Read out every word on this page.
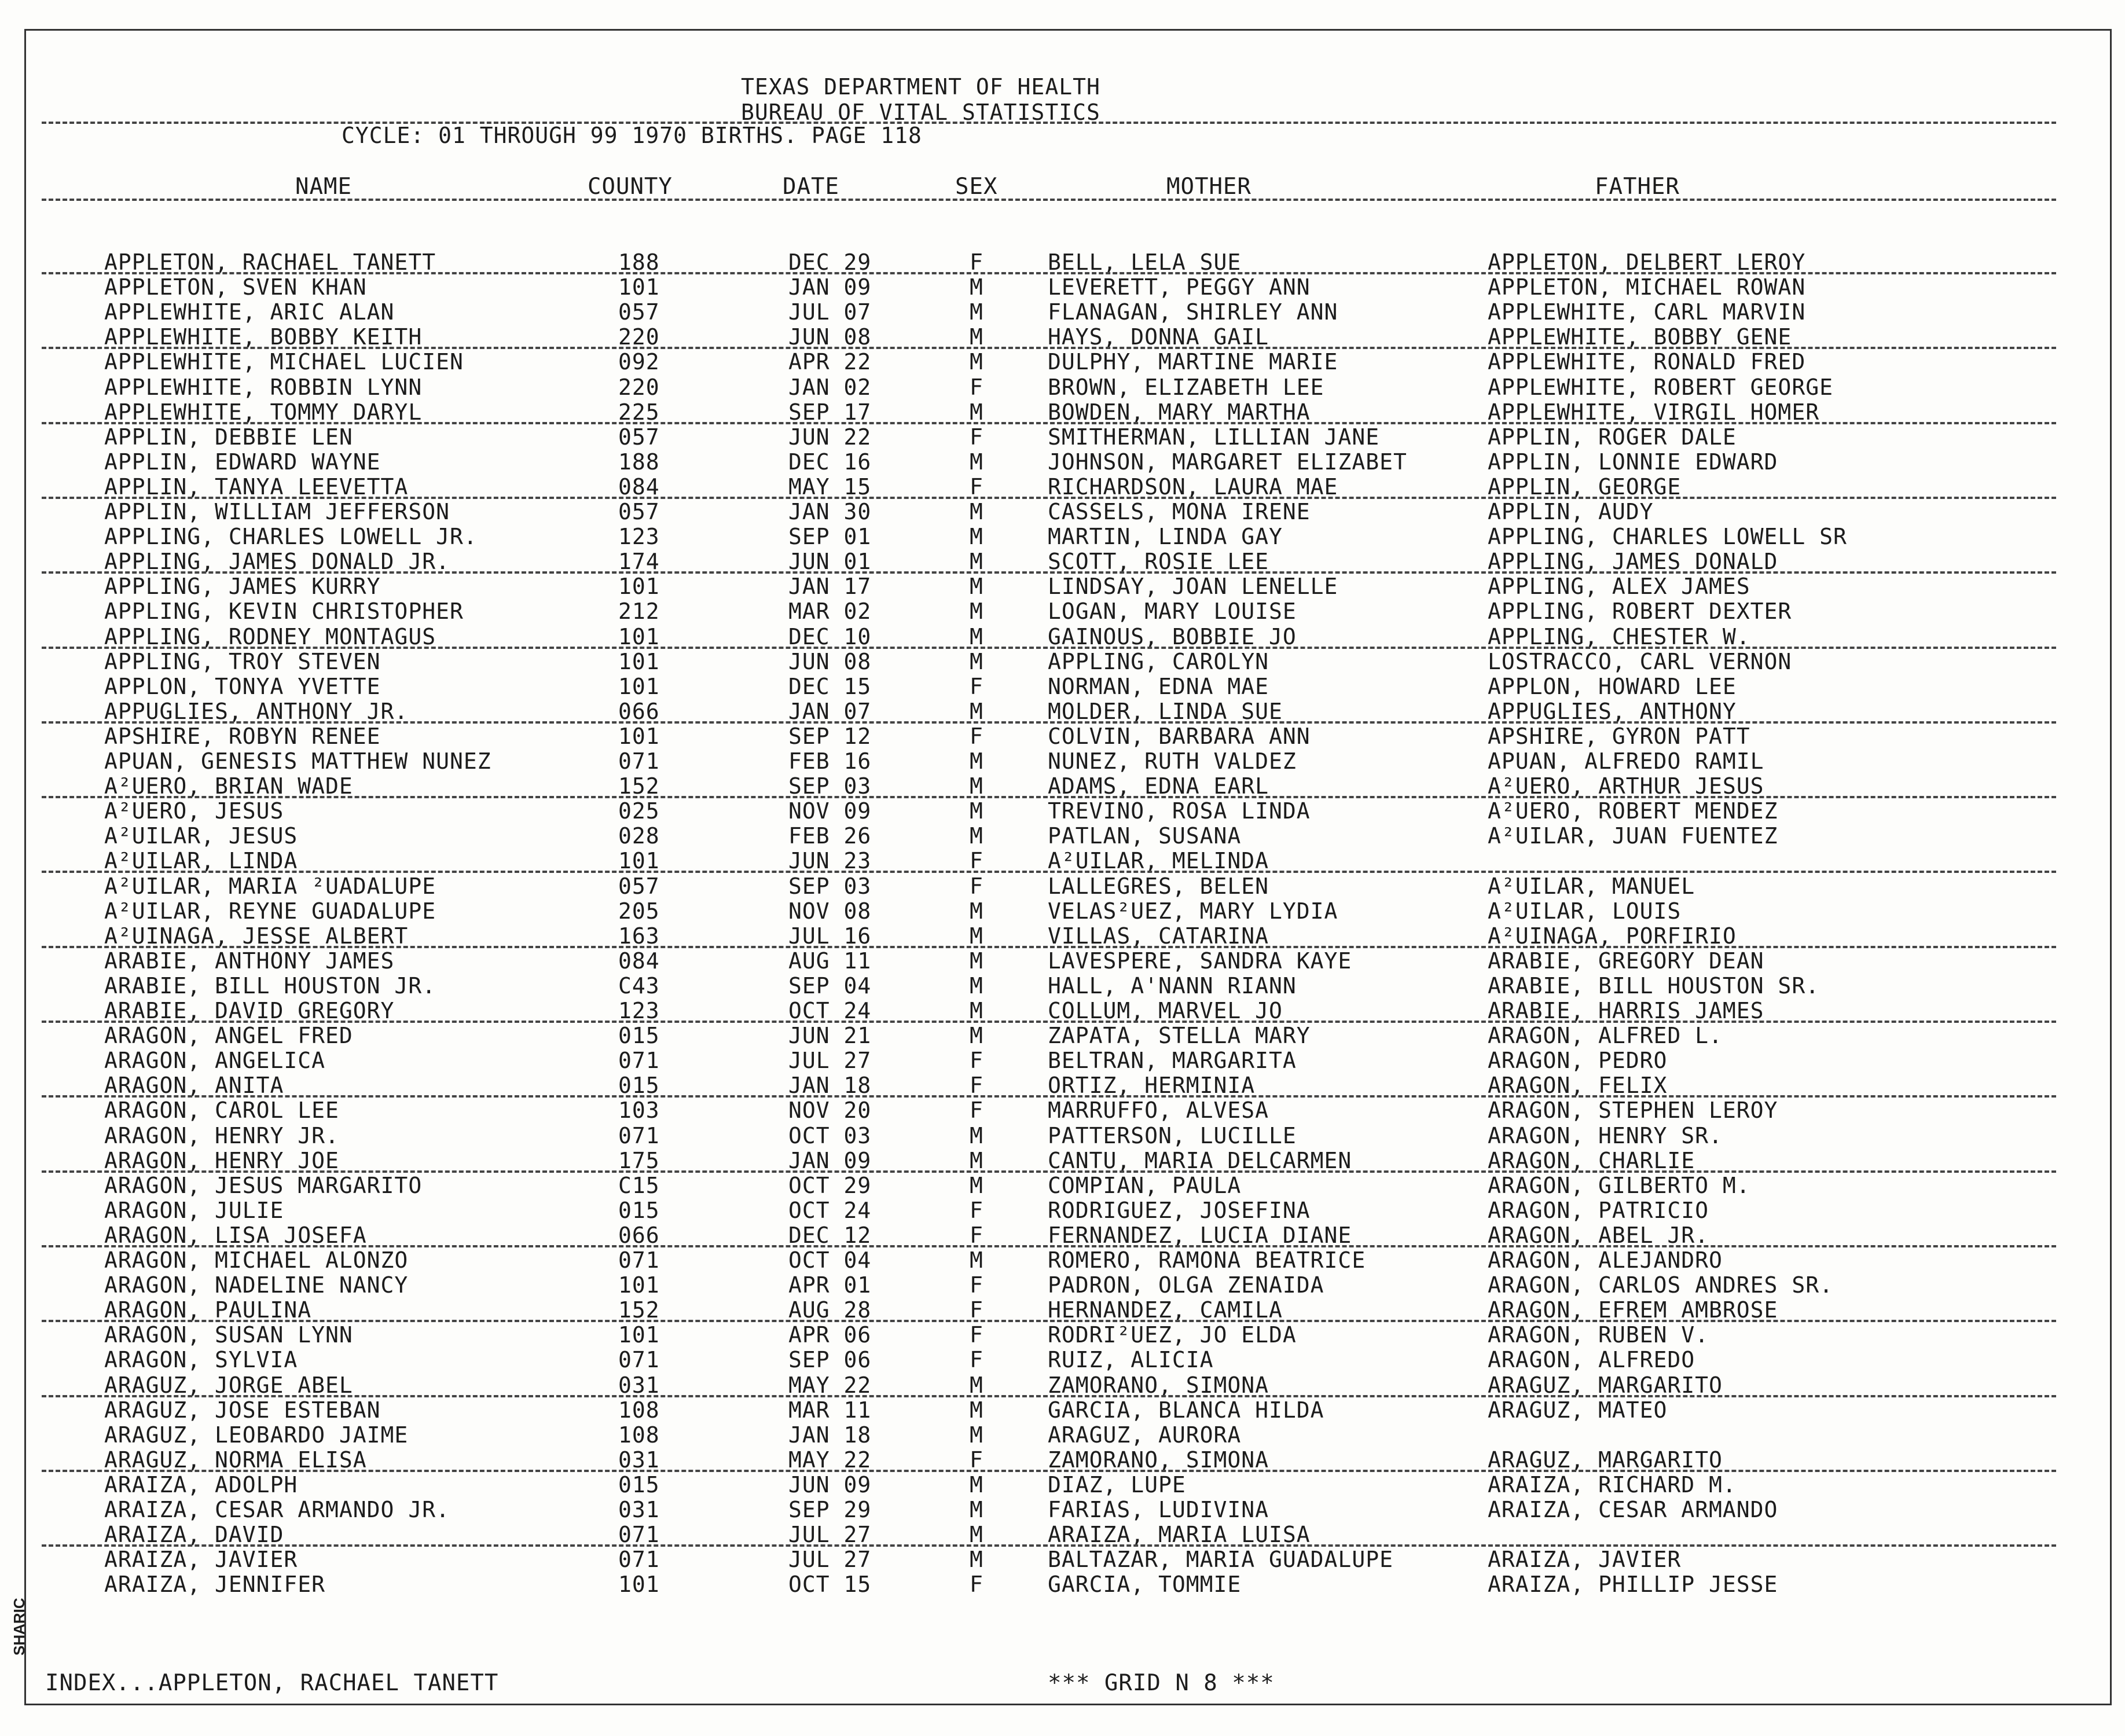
TEXAS DEPARTMENT OF HEALTH
BUREAU OF VITAL STATISTICS
CYCLE: 01 THROUGH 99 1970 BIRTHS. PAGE 118
NAME	COUNTY	DATE	SEX	MOTHER	FATHER
APPLETON, RACHAEL TANETT	188	DEC 29	F	BELL, LELA SUE	APPLETON, DELBERT LEROY
APPLETON, SVEN KHAN	101	JAN 09	M	LEVERETT, PEGGY ANN	APPLETON, MICHAEL ROWAN
APPLEWHITE, ARIC ALAN	057	JUL 07	M	FLANAGAN, SHIRLEY ANN	APPLEWHITE, CARL MARVIN
APPLEWHITE, BOBBY KEITH	220	JUN 08	M	HAYS, DONNA GAIL	APPLEWHITE, BOBBY GENE
APPLEWHITE, MICHAEL LUCIEN	092	APR 22	M	DULPHY, MARTINE MARIE	APPLEWHITE, RONALD FRED
APPLEWHITE, ROBBIN LYNN	220	JAN 02	F	BROWN, ELIZABETH LEE	APPLEWHITE, ROBERT GEORGE
APPLEWHITE, TOMMY DARYL	225	SEP 17	M	BOWDEN, MARY MARTHA	APPLEWHITE, VIRGIL HOMER
APPLIN, DEBBIE LEN	057	JUN 22	F	SMITHERMAN, LILLIAN JANE	APPLIN, ROGER DALE
APPLIN, EDWARD WAYNE	188	DEC 16	M	JOHNSON, MARGARET ELIZABET	APPLIN, LONNIE EDWARD
APPLIN, TANYA LEEVETTA	084	MAY 15	F	RICHARDSON, LAURA MAE	APPLIN, GEORGE
APPLIN, WILLIAM JEFFERSON	057	JAN 30	M	CASSELS, MONA IRENE	APPLIN, AUDY
APPLING, CHARLES LOWELL JR.	123	SEP 01	M	MARTIN, LINDA GAY	APPLING, CHARLES LOWELL SR
APPLING, JAMES DONALD JR.	174	JUN 01	M	SCOTT, ROSIE LEE	APPLING, JAMES DONALD
APPLING, JAMES KURRY	101	JAN 17	M	LINDSAY, JOAN LENELLE	APPLING, ALEX JAMES
APPLING, KEVIN CHRISTOPHER	212	MAR 02	M	LOGAN, MARY LOUISE	APPLING, ROBERT DEXTER
APPLING, RODNEY MONTAGUS	101	DEC 10	M	GAINOUS, BOBBIE JO	APPLING, CHESTER W.
APPLING, TROY STEVEN	101	JUN 08	M	APPLING, CAROLYN	LOSTRACCO, CARL VERNON
APPLON, TONYA YVETTE	101	DEC 15	F	NORMAN, EDNA MAE	APPLON, HOWARD LEE
APPUGLIES, ANTHONY JR.	066	JAN 07	M	MOLDER, LINDA SUE	APPUGLIES, ANTHONY
APSHIRE, ROBYN RENEE	101	SEP 12	F	COLVIN, BARBARA ANN	APSHIRE, GYRON PATT
APUAN, GENESIS MATTHEW NUNEZ	071	FEB 16	M	NUNEZ, RUTH VALDEZ	APUAN, ALFREDO RAMIL
A²UERO, BRIAN WADE	152	SEP 03	M	ADAMS, EDNA EARL	A²UERO, ARTHUR JESUS
A²UERO, JESUS	025	NOV 09	M	TREVINO, ROSA LINDA	A²UERO, ROBERT MENDEZ
A²UILAR, JESUS	028	FEB 26	M	PATLAN, SUSANA	A²UILAR, JUAN FUENTEZ
A²UILAR, LINDA	101	JUN 23	F	A²UILAR, MELINDA
A²UILAR, MARIA ²UADALUPE	057	SEP 03	F	LALLEGRES, BELEN	A²UILAR, MANUEL
A²UILAR, REYNE GUADALUPE	205	NOV 08	M	VELAS²UEZ, MARY LYDIA	A²UILAR, LOUIS
A²UINAGA, JESSE ALBERT	163	JUL 16	M	VILLAS, CATARINA	A²UINAGA, PORFIRIO
ARABIE, ANTHONY JAMES	084	AUG 11	M	LAVESPERE, SANDRA KAYE	ARABIE, GREGORY DEAN
ARABIE, BILL HOUSTON JR.	C43	SEP 04	M	HALL, A'NANN RIANN	ARABIE, BILL HOUSTON SR.
ARABIE, DAVID GREGORY	123	OCT 24	M	COLLUM, MARVEL JO	ARABIE, HARRIS JAMES
ARAGON, ANGEL FRED	015	JUN 21	M	ZAPATA, STELLA MARY	ARAGON, ALFRED L.
ARAGON, ANGELICA	071	JUL 27	F	BELTRAN, MARGARITA	ARAGON, PEDRO
ARAGON, ANITA	015	JAN 18	F	ORTIZ, HERMINIA	ARAGON, FELIX
ARAGON, CAROL LEE	103	NOV 20	F	MARRUFFO, ALVESA	ARAGON, STEPHEN LEROY
ARAGON, HENRY JR.	071	OCT 03	M	PATTERSON, LUCILLE	ARAGON, HENRY SR.
ARAGON, HENRY JOE	175	JAN 09	M	CANTU, MARIA DELCARMEN	ARAGON, CHARLIE
ARAGON, JESUS MARGARITO	C15	OCT 29	M	COMPIAN, PAULA	ARAGON, GILBERTO M.
ARAGON, JULIE	015	OCT 24	F	RODRIGUEZ, JOSEFINA	ARAGON, PATRICIO
ARAGON, LISA JOSEFA	066	DEC 12	F	FERNANDEZ, LUCIA DIANE	ARAGON, ABEL JR.
ARAGON, MICHAEL ALONZO	071	OCT 04	M	ROMERO, RAMONA BEATRICE	ARAGON, ALEJANDRO
ARAGON, NADELINE NANCY	101	APR 01	F	PADRON, OLGA ZENAIDA	ARAGON, CARLOS ANDRES SR.
ARAGON, PAULINA	152	AUG 28	F	HERNANDEZ, CAMILA	ARAGON, EFREM AMBROSE
ARAGON, SUSAN LYNN	101	APR 06	F	RODRI²UEZ, JO ELDA	ARAGON, RUBEN V.
ARAGON, SYLVIA	071	SEP 06	F	RUIZ, ALICIA	ARAGON, ALFREDO
ARAGUZ, JORGE ABEL	031	MAY 22	M	ZAMORANO, SIMONA	ARAGUZ, MARGARITO
ARAGUZ, JOSE ESTEBAN	108	MAR 11	M	GARCIA, BLANCA HILDA	ARAGUZ, MATEO
ARAGUZ, LEOBARDO JAIME	108	JAN 18	M	ARAGUZ, AURORA
ARAGUZ, NORMA ELISA	031	MAY 22	F	ZAMORANO, SIMONA	ARAGUZ, MARGARITO
ARAIZA, ADOLPH	015	JUN 09	M	DIAZ, LUPE	ARAIZA, RICHARD M.
ARAIZA, CESAR ARMANDO JR.	031	SEP 29	M	FARIAS, LUDIVINA	ARAIZA, CESAR ARMANDO
ARAIZA, DAVID	071	JUL 27	M	ARAIZA, MARIA LUISA
ARAIZA, JAVIER	071	JUL 27	M	BALTAZAR, MARIA GUADALUPE	ARAIZA, JAVIER
ARAIZA, JENNIFER	101	OCT 15	F	GARCIA, TOMMIE	ARAIZA, PHILLIP JESSE
INDEX...APPLETON, RACHAEL TANETT	*** GRID N 8 ***
SHARIC
